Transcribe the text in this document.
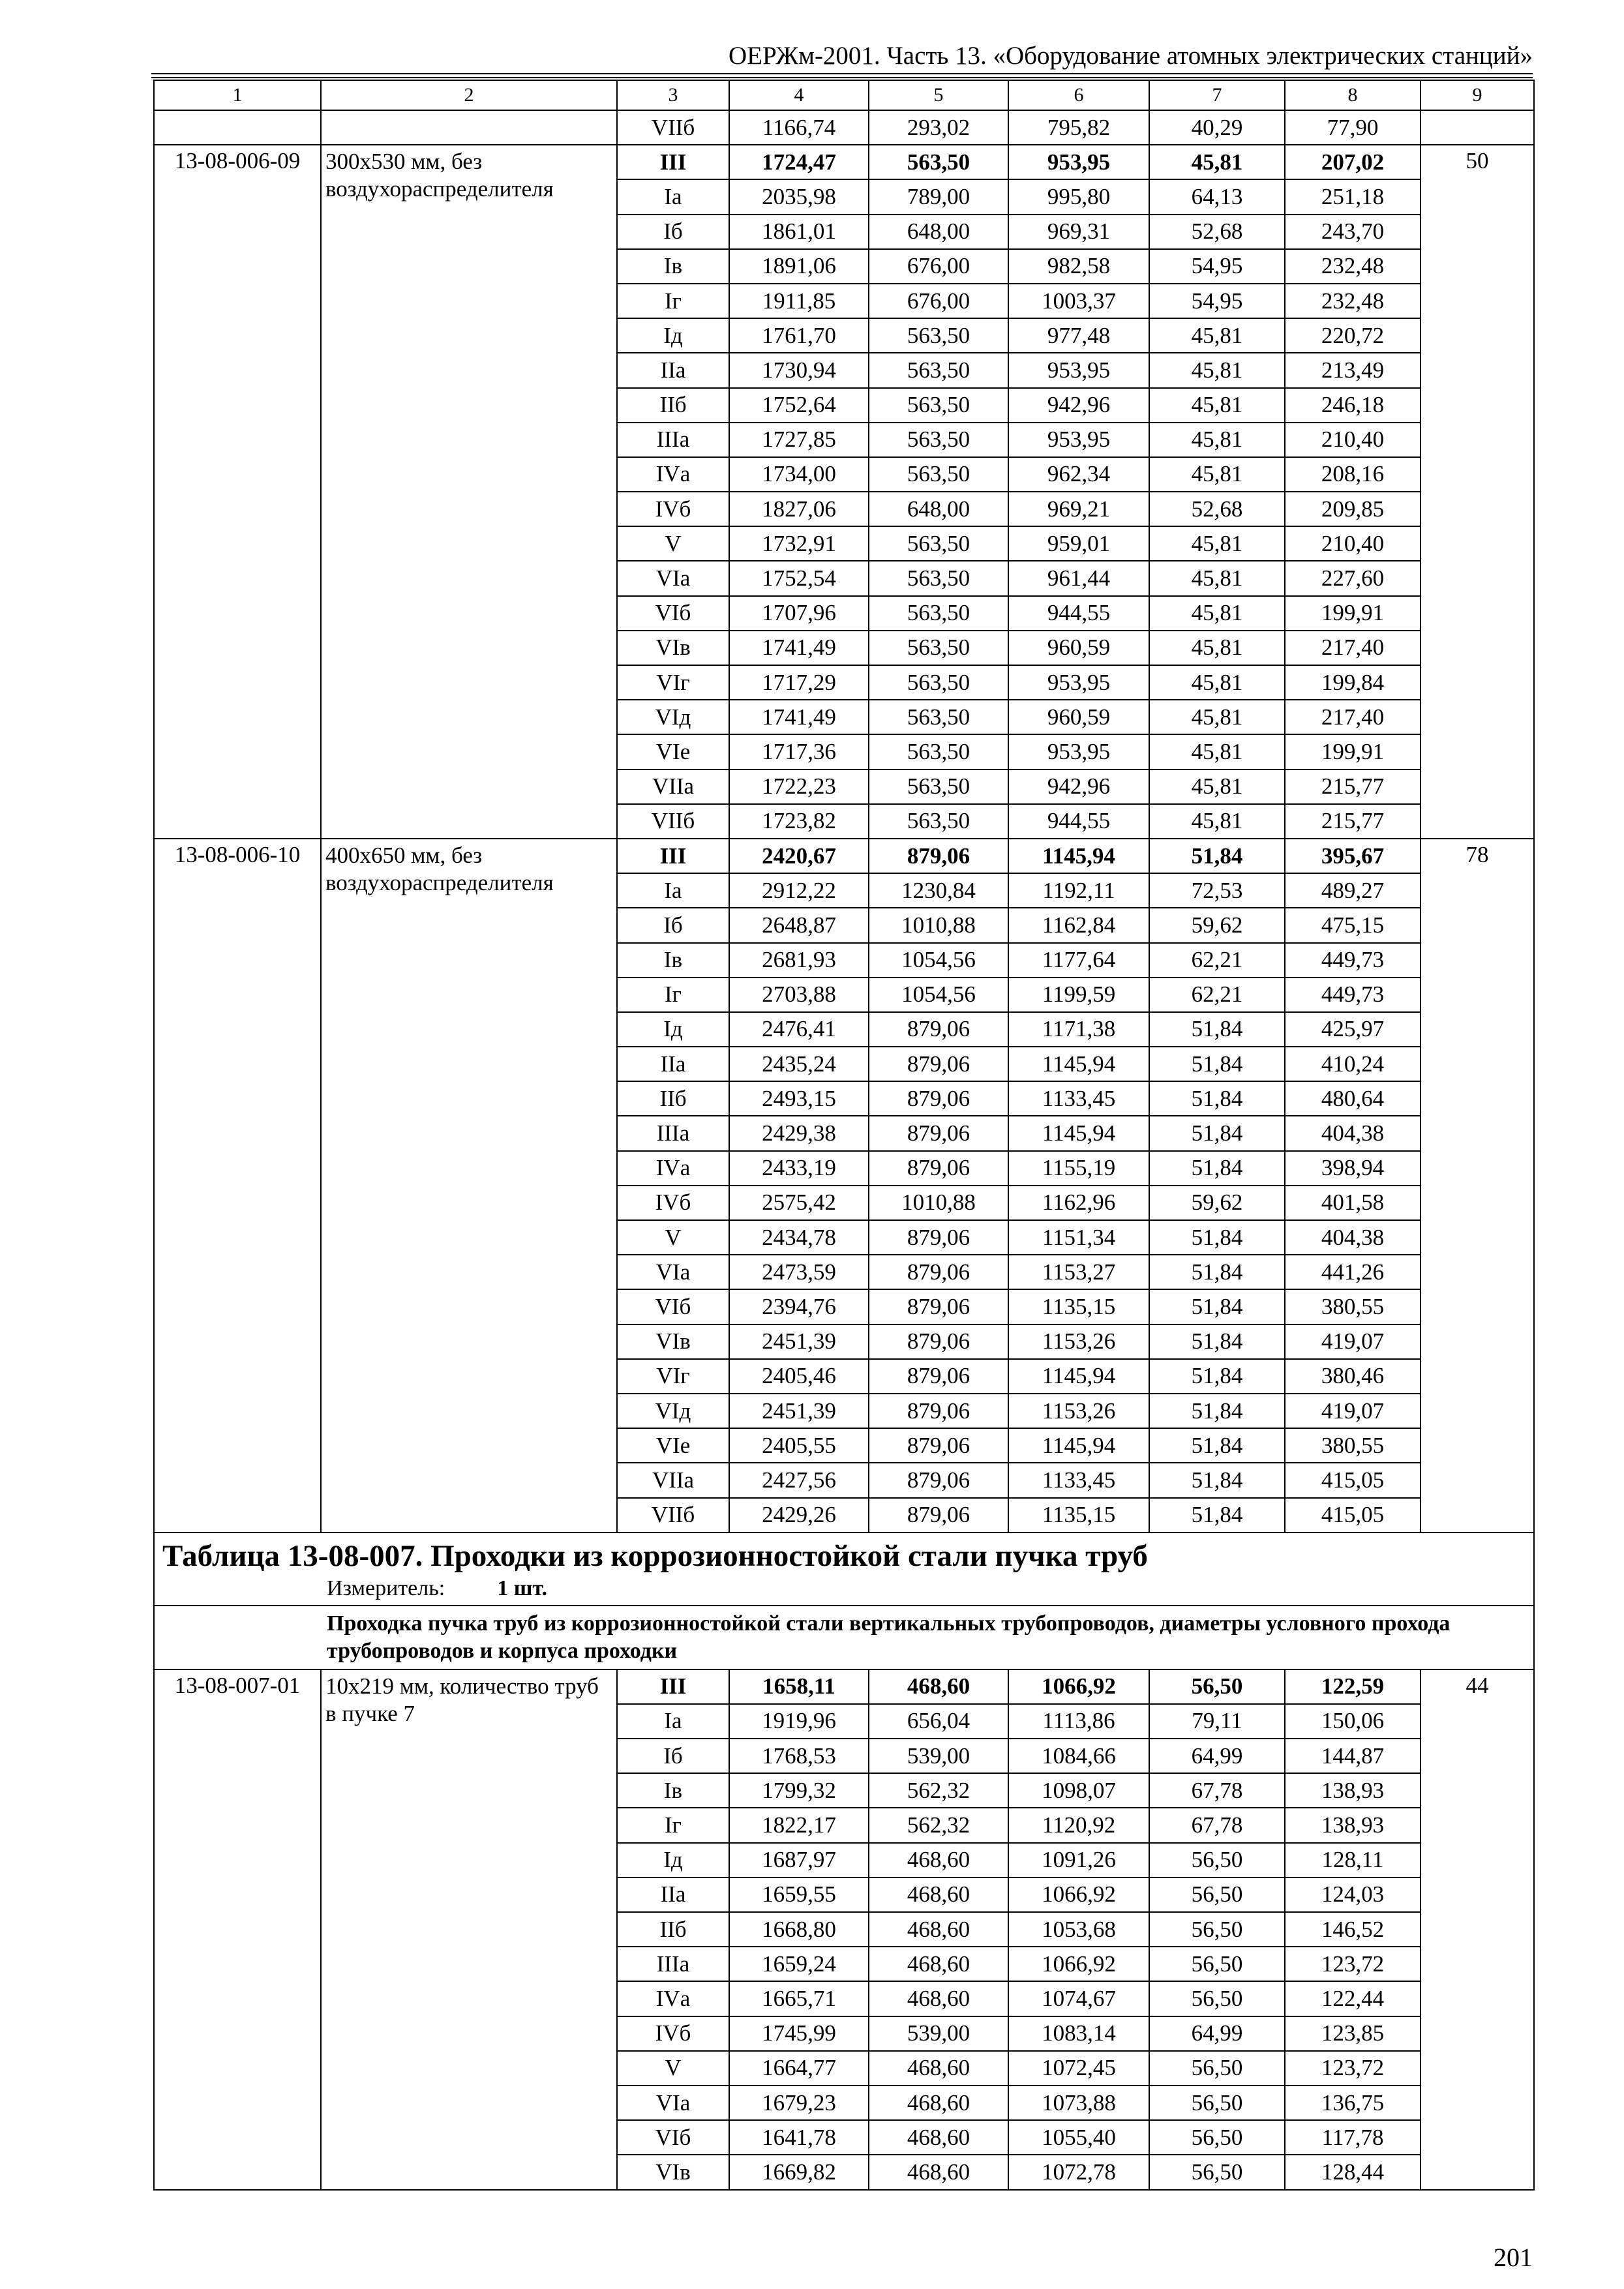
ОЕРЖм-2001. Часть 13. «Оборудование атомных электрических станций»
1	2	3	4	5	6	7	8	9
		VIIб	1166,74	293,02	795,82	40,29	77,90	
13-08-006-09	300х530 мм, без воздухораспределителя	III	1724,47	563,50	953,95	45,81	207,02	50
		Iа	2035,98	789,00	995,80	64,13	251,18	
		Iб	1861,01	648,00	969,31	52,68	243,70	
		Iв	1891,06	676,00	982,58	54,95	232,48	
		Iг	1911,85	676,00	1003,37	54,95	232,48	
		Iд	1761,70	563,50	977,48	45,81	220,72	
		IIа	1730,94	563,50	953,95	45,81	213,49	
		IIб	1752,64	563,50	942,96	45,81	246,18	
		IIIа	1727,85	563,50	953,95	45,81	210,40	
		IVа	1734,00	563,50	962,34	45,81	208,16	
		IVб	1827,06	648,00	969,21	52,68	209,85	
		V	1732,91	563,50	959,01	45,81	210,40	
		VIа	1752,54	563,50	961,44	45,81	227,60	
		VIб	1707,96	563,50	944,55	45,81	199,91	
		VIв	1741,49	563,50	960,59	45,81	217,40	
		VIг	1717,29	563,50	953,95	45,81	199,84	
		VIд	1741,49	563,50	960,59	45,81	217,40	
		VIе	1717,36	563,50	953,95	45,81	199,91	
		VIIа	1722,23	563,50	942,96	45,81	215,77	
		VIIб	1723,82	563,50	944,55	45,81	215,77	
13-08-006-10	400х650 мм, без воздухораспределителя	III	2420,67	879,06	1145,94	51,84	395,67	78
		Iа	2912,22	1230,84	1192,11	72,53	489,27	
		Iб	2648,87	1010,88	1162,84	59,62	475,15	
		Iв	2681,93	1054,56	1177,64	62,21	449,73	
		Iг	2703,88	1054,56	1199,59	62,21	449,73	
		Iд	2476,41	879,06	1171,38	51,84	425,97	
		IIа	2435,24	879,06	1145,94	51,84	410,24	
		IIб	2493,15	879,06	1133,45	51,84	480,64	
		IIIа	2429,38	879,06	1145,94	51,84	404,38	
		IVа	2433,19	879,06	1155,19	51,84	398,94	
		IVб	2575,42	1010,88	1162,96	59,62	401,58	
		V	2434,78	879,06	1151,34	51,84	404,38	
		VIа	2473,59	879,06	1153,27	51,84	441,26	
		VIб	2394,76	879,06	1135,15	51,84	380,55	
		VIв	2451,39	879,06	1153,26	51,84	419,07	
		VIг	2405,46	879,06	1145,94	51,84	380,46	
		VIд	2451,39	879,06	1153,26	51,84	419,07	
		VIе	2405,55	879,06	1145,94	51,84	380,55	
		VIIа	2427,56	879,06	1133,45	51,84	415,05	
		VIIб	2429,26	879,06	1135,15	51,84	415,05	

Таблица 13-08-007. Проходки из коррозионностойкой стали пучка труб
Измеритель: 1 шт.								

Проходка пучка труб из коррозионностойкой стали вертикальных трубопроводов, диаметры условного прохода трубопроводов и корпуса проходки								
13-08-007-01	10х219 мм, количество труб в пучке 7	III	1658,11	468,60	1066,92	56,50	122,59	44
		Iа	1919,96	656,04	1113,86	79,11	150,06	
		Iб	1768,53	539,00	1084,66	64,99	144,87	
		Iв	1799,32	562,32	1098,07	67,78	138,93	
		Iг	1822,17	562,32	1120,92	67,78	138,93	
		Iд	1687,97	468,60	1091,26	56,50	128,11	
		IIа	1659,55	468,60	1066,92	56,50	124,03	
		IIб	1668,80	468,60	1053,68	56,50	146,52	
		IIIа	1659,24	468,60	1066,92	56,50	123,72	
		IVа	1665,71	468,60	1074,67	56,50	122,44	
		IVб	1745,99	539,00	1083,14	64,99	123,85	
		V	1664,77	468,60	1072,45	56,50	123,72	
		VIа	1679,23	468,60	1073,88	56,50	136,75	
		VIб	1641,78	468,60	1055,40	56,50	117,78	
		VIв	1669,82	468,60	1072,78	56,50	128,44	
201
